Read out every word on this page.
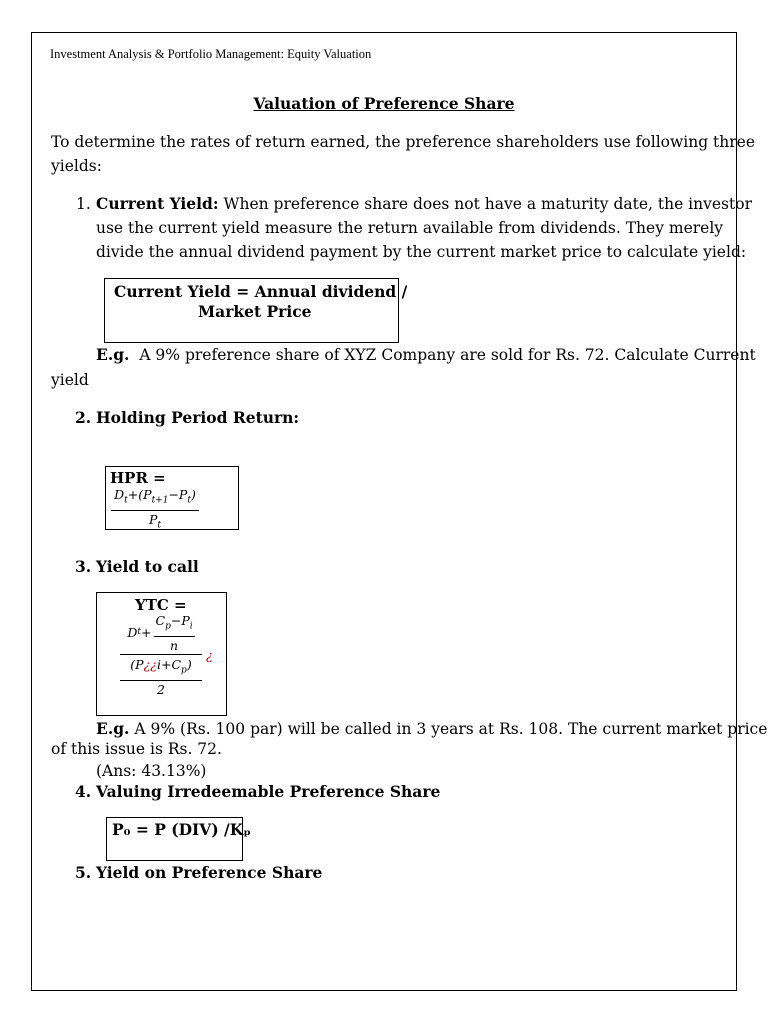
Investment Analysis & Portfolio Management: Equity Valuation
Valuation of Preference Share
To determine the rates of return earned, the preference shareholders use following three
yields:
1. Current Yield: When preference share does not have a maturity date, the investor
use the current yield measure the return available from dividends. They merely
divide the annual dividend payment by the current market price to calculate yield:
Current Yield = Annual dividend /
Market Price
E.g. A 9% preference share of XYZ Company are sold for Rs. 72. Calculate Current
yield
2. Holding Period Return:
HPR =
$\frac{D_t+(P_{t+1}-P_t)}{P_t}$
3. Yield to call
YTC =
D $t + \frac{C_p-P_i}{n}$
$(P¿¿i+C_p)$
2
¿
E.g. A 9% (Rs. 100 par) will be called in 3 years at Rs. 108. The current market price
of this issue is Rs. 72.
(Ans: 43.13%)
4. Valuing Irredeemable Preference Share
P₀ = P (DIV) /Kₚ
5. Yield on Preference Share
